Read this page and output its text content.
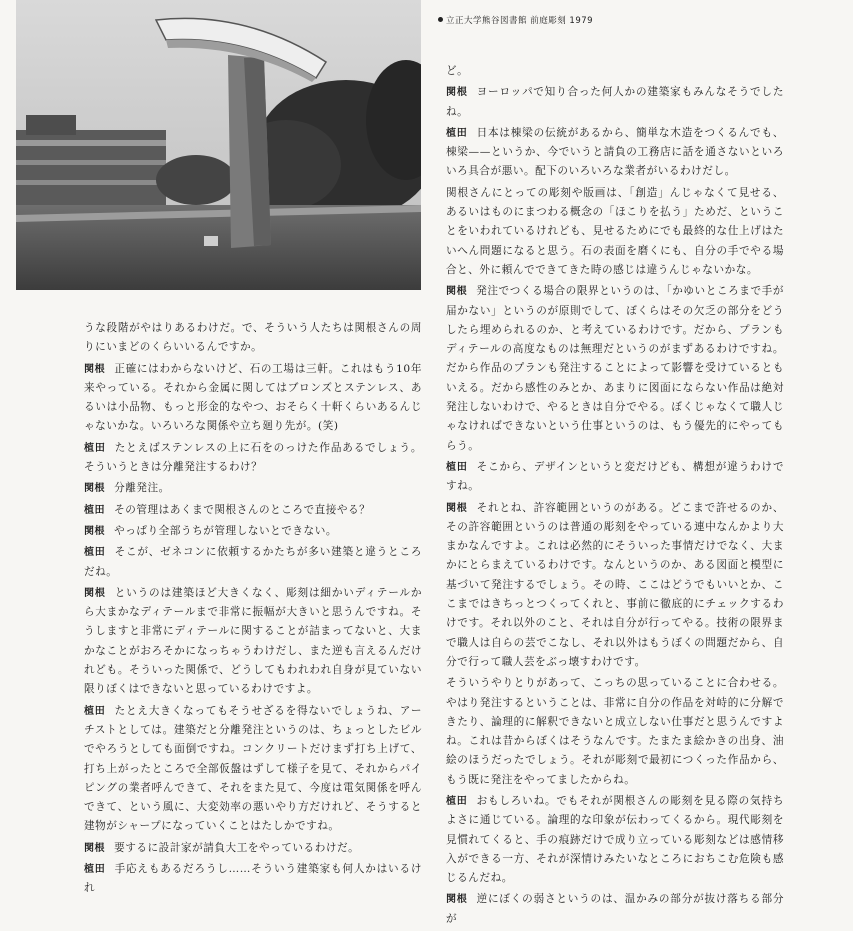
立正大学熊谷図書館 前庭彫刻 1979

うな段階がやはりあるわけだ。で、そういう人たちは関根さんの周りにいまどのくらいいるんですか。

関根 正確にはわからないけど、石の工場は三軒。これはもう10年来やっている。それから金属に関してはブロンズとステンレス、あるいは小品物、もっと形金的なやつ、おそらく十軒くらいあるんじゃないかな。いろいろな関係や立ち廻り先が。(笑)

植田 たとえばステンレスの上に石をのっけた作品あるでしょう。そういうときは分離発注するわけ？

関根 分離発注。

植田 その管理はあくまで関根さんのところで直接やる？

関根 やっぱり全部うちが管理しないとできない。

植田 そこが、ゼネコンに依頼するかたちが多い建築と違うところだね。

関根 というのは建築ほど大きくなく、彫刻は細かいディテールから大まかなディテールまで非常に振幅が大きいと思うんですね。そうしますと非常にディテールに関することが詰まってないと、大まかなことがおろそかになっちゃうわけだし、また逆も言えるんだけれども。そういった関係で、どうしてもわれわれ自身が見ていない限りぼくはできないと思っているわけですよ。

植田 たとえ大きくなってもそうせざるを得ないでしょうね、アーチストとしては。建築だと分離発注というのは、ちょっとしたビルでやろうとしても面倒ですね。コンクリートだけまず打ち上げて、打ち上がったところで全部仮盤はずして様子を見て、それからパイピングの業者呼んできて、それをまた見て、今度は電気関係を呼んできて、という風に、大変効率の悪いやり方だけれど、そうすると建物がシャープになっていくことはたしかですね。

関根 要するに設計家が請負大工をやっているわけだ。

植田 手応えもあるだろうし……そういう建築家も何人かはいるけれ

ど。

関根 ヨーロッパで知り合った何人かの建築家もみんなそうでしたね。

植田 日本は棟梁の伝統があるから、簡単な木造をつくるんでも、棟梁——というか、今でいうと請負の工務店に話を通さないといろいろ具合が悪い。配下のいろいろな業者がいるわけだし。

関根さんにとっての彫刻や版画は、「創造」んじゃなくて見せる、あるいはものにまつわる概念の「ほこりを払う」ためだ、ということをいわれているけれども、見せるためにでも最終的な仕上げはたいへん問題になると思う。石の表面を磨くにも、自分の手でやる場合と、外に頼んでできてきた時の感じは違うんじゃないかな。

関根 発注でつくる場合の限界というのは、「かゆいところまで手が届かない」というのが原則でして、ぼくらはその欠乏の部分をどうしたら埋められるのか、と考えているわけです。だから、プランもディテールの高度なものは無理だというのがまずあるわけですね。だから作品のプランも発注することによって影響を受けているともいえる。だから感性のみとか、あまりに図面にならない作品は絶対発注しないわけで、やるときは自分でやる。ぼくじゃなくて職人じゃなければできないという仕事というのは、もう優先的にやってもらう。

植田 そこから、デザインというと変だけども、構想が違うわけですね。

関根 それとね、許容範囲というのがある。どこまで許せるのか、その許容範囲というのは普通の彫刻をやっている連中なんかより大まかなんですよ。これは必然的にそういった事情だけでなく、大まかにとらまえているわけです。なんというのか、ある図面と模型に基づいて発注するでしょう。その時、ここはどうでもいいとか、ここまではきちっとつくってくれと、事前に徹底的にチェックするわけです。それ以外のこと、それは自分が行ってやる。技術の限界まで職人は自らの芸でこなし、それ以外はもうぼくの問題だから、自分で行って職人芸をぶっ壊すわけです。

そういうやりとりがあって、こっちの思っていることに合わせる。やはり発注するということは、非常に自分の作品を対峙的に分解できたり、論理的に解釈できないと成立しない仕事だと思うんですよね。これは昔からぼくはそうなんです。たまたま絵かきの出身、油絵のほうだったでしょう。それが彫刻で最初につくった作品から、もう既に発注をやってましたからね。

植田 おもしろいね。でもそれが関根さんの彫刻を見る際の気持ちよさに通じている。論理的な印象が伝わってくるから。現代彫刻を見慣れてくると、手の痕跡だけで成り立っている彫刻などは感情移入ができる一方、それが深情けみたいなところにおちこむ危険も感じるんだね。

関根 逆にぼくの弱さというのは、温かみの部分が抜け落ちる部分が
